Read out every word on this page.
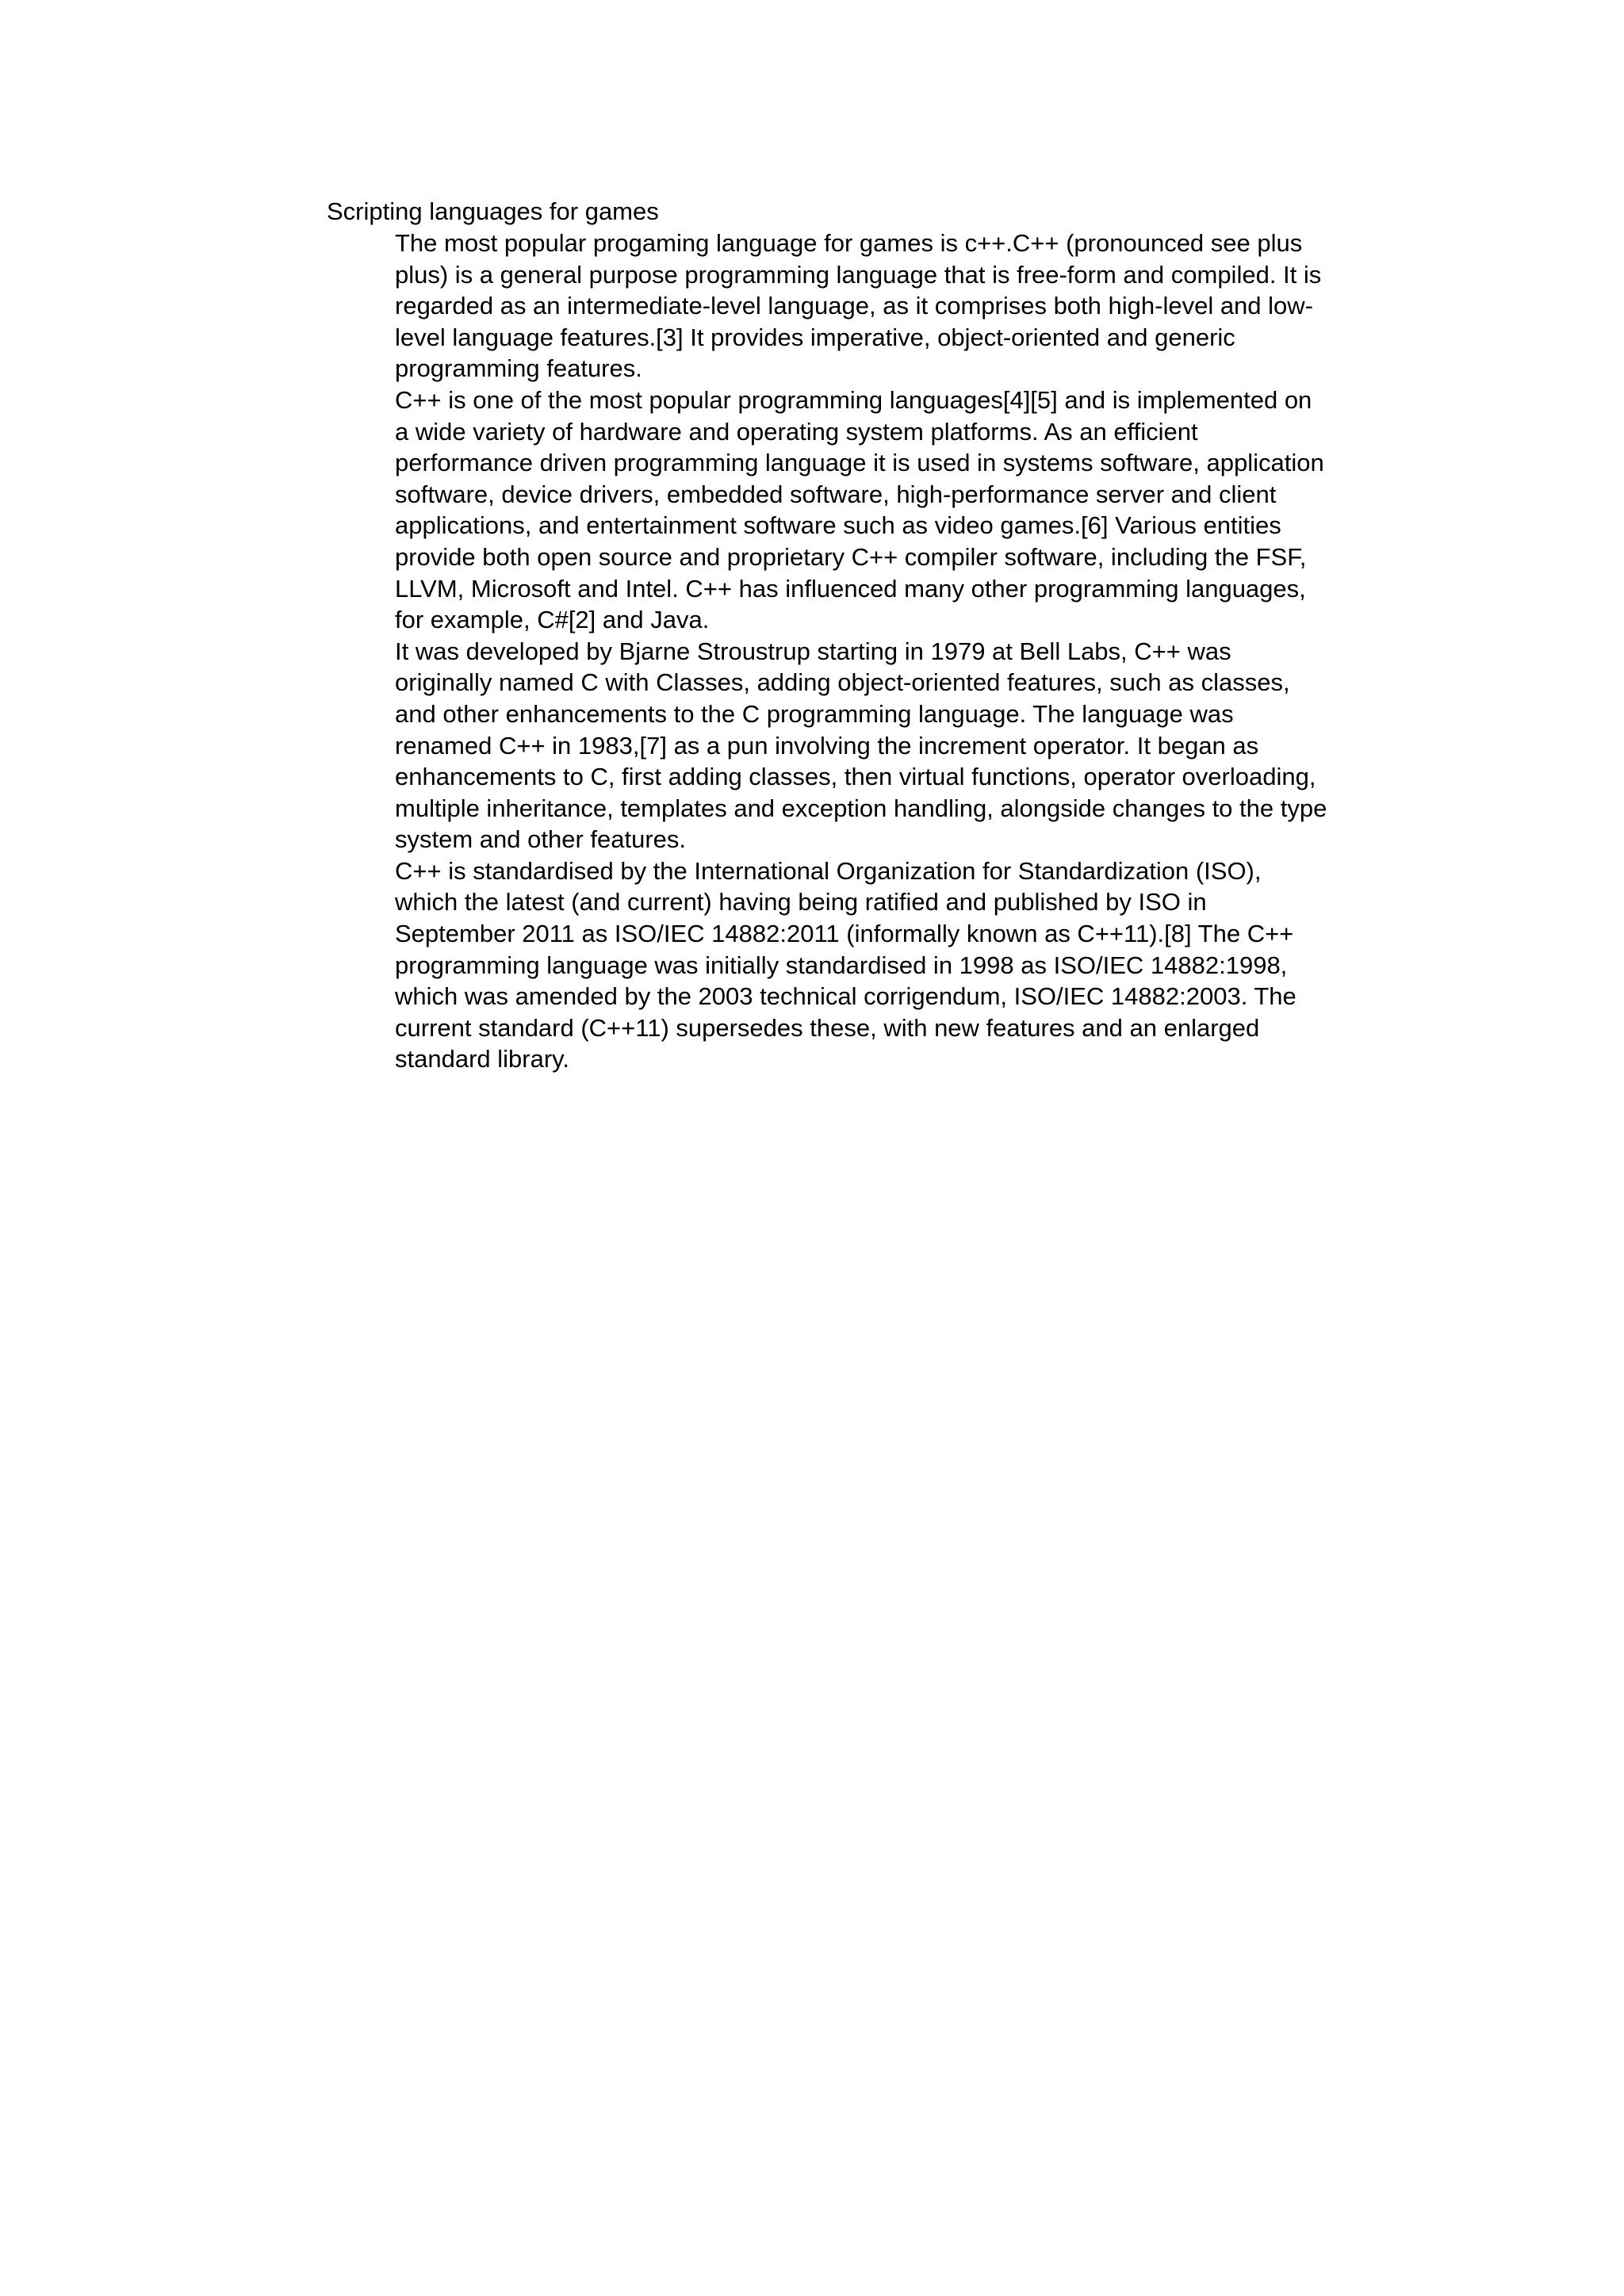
Scripting languages for games
The most popular progaming language for games is c++.C++ (pronounced see plus
plus) is a general purpose programming language that is free-form and compiled. It is
regarded as an intermediate-level language, as it comprises both high-level and low-
level language features.[3] It provides imperative, object-oriented and generic
programming features.
C++ is one of the most popular programming languages[4][5] and is implemented on
a wide variety of hardware and operating system platforms. As an efficient
performance driven programming language it is used in systems software, application
software, device drivers, embedded software, high-performance server and client
applications, and entertainment software such as video games.[6] Various entities
provide both open source and proprietary C++ compiler software, including the FSF,
LLVM, Microsoft and Intel. C++ has influenced many other programming languages,
for example, C#[2] and Java.
It was developed by Bjarne Stroustrup starting in 1979 at Bell Labs, C++ was
originally named C with Classes, adding object-oriented features, such as classes,
and other enhancements to the C programming language. The language was
renamed C++ in 1983,[7] as a pun involving the increment operator. It began as
enhancements to C, first adding classes, then virtual functions, operator overloading,
multiple inheritance, templates and exception handling, alongside changes to the type
system and other features.
C++ is standardised by the International Organization for Standardization (ISO),
which the latest (and current) having being ratified and published by ISO in
September 2011 as ISO/IEC 14882:2011 (informally known as C++11).[8] The C++
programming language was initially standardised in 1998 as ISO/IEC 14882:1998,
which was amended by the 2003 technical corrigendum, ISO/IEC 14882:2003. The
current standard (C++11) supersedes these, with new features and an enlarged
standard library.
